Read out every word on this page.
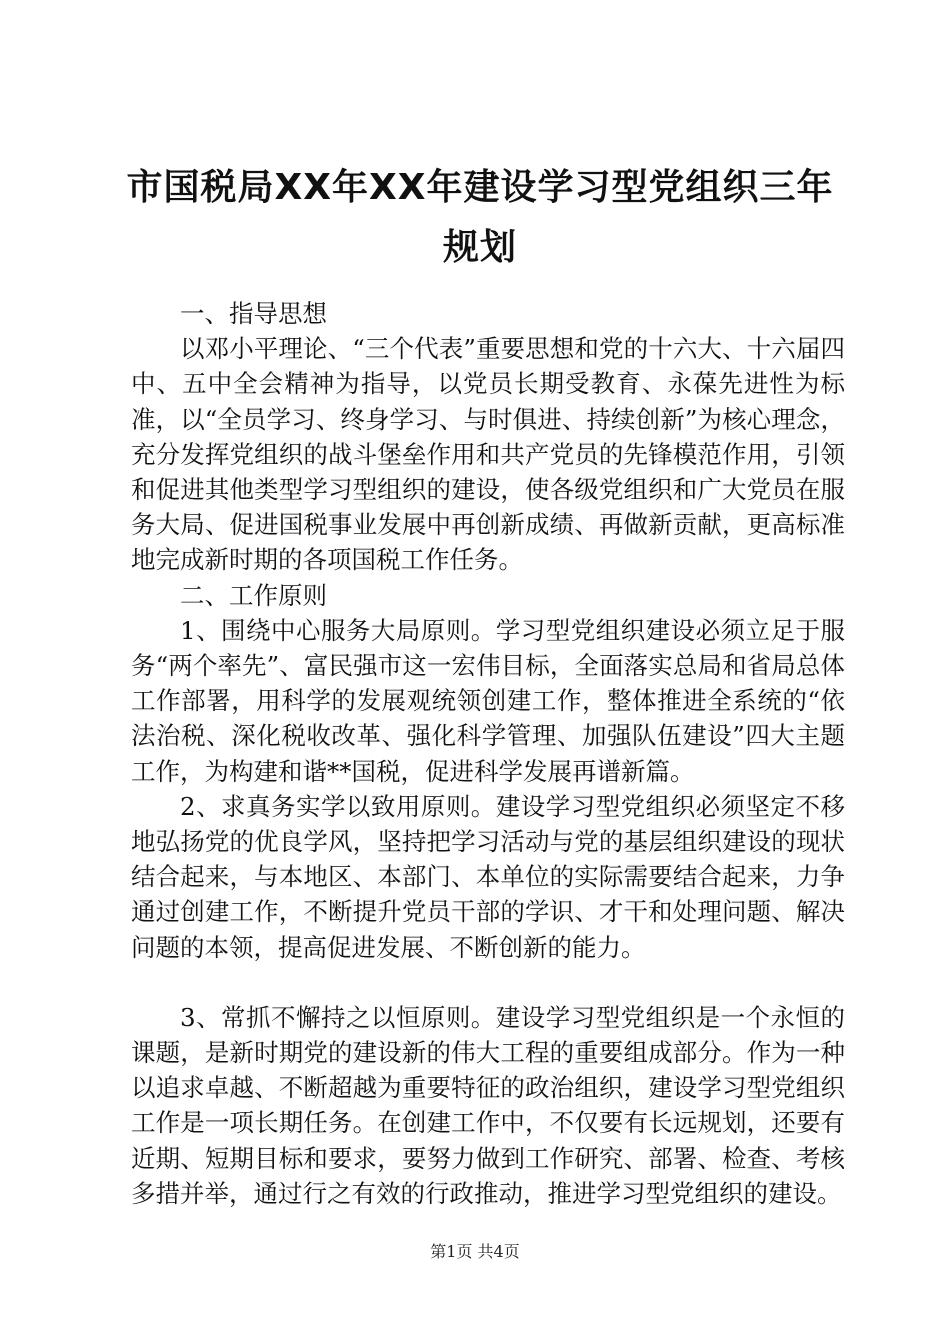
市国税局XX年XX年建设学习型党组织三年规划

一、指导思想

以邓小平理论、“三个代表”重要思想和党的十六大、十六届四中、五中全会精神为指导，以党员长期受教育、永葆先进性为标准，以“全员学习、终身学习、与时俱进、持续创新”为核心理念，充分发挥党组织的战斗堡垒作用和共产党员的先锋模范作用，引领和促进其他类型学习型组织的建设，使各级党组织和广大党员在服务大局、促进国税事业发展中再创新成绩、再做新贡献，更高标准地完成新时期的各项国税工作任务。

二、工作原则

1、围绕中心服务大局原则。学习型党组织建设必须立足于服务“两个率先”、富民强市这一宏伟目标，全面落实总局和省局总体工作部署，用科学的发展观统领创建工作，整体推进全系统的“依法治税、深化税收改革、强化科学管理、加强队伍建设”四大主题工作，为构建和谐**国税，促进科学发展再谱新篇。

2、求真务实学以致用原则。建设学习型党组织必须坚定不移地弘扬党的优良学风，坚持把学习活动与党的基层组织建设的现状结合起来，与本地区、本部门、本单位的实际需要结合起来，力争通过创建工作，不断提升党员干部的学识、才干和处理问题、解决问题的本领，提高促进发展、不断创新的能力。

3、常抓不懈持之以恒原则。建设学习型党组织是一个永恒的课题，是新时期党的建设新的伟大工程的重要组成部分。作为一种以追求卓越、不断超越为重要特征的政治组织，建设学习型党组织工作是一项长期任务。在创建工作中，不仅要有长远规划，还要有近期、短期目标和要求，要努力做到工作研究、部署、检查、考核多措并举，通过行之有效的行政推动，推进学习型党组织的建设。

第1页 共4页
